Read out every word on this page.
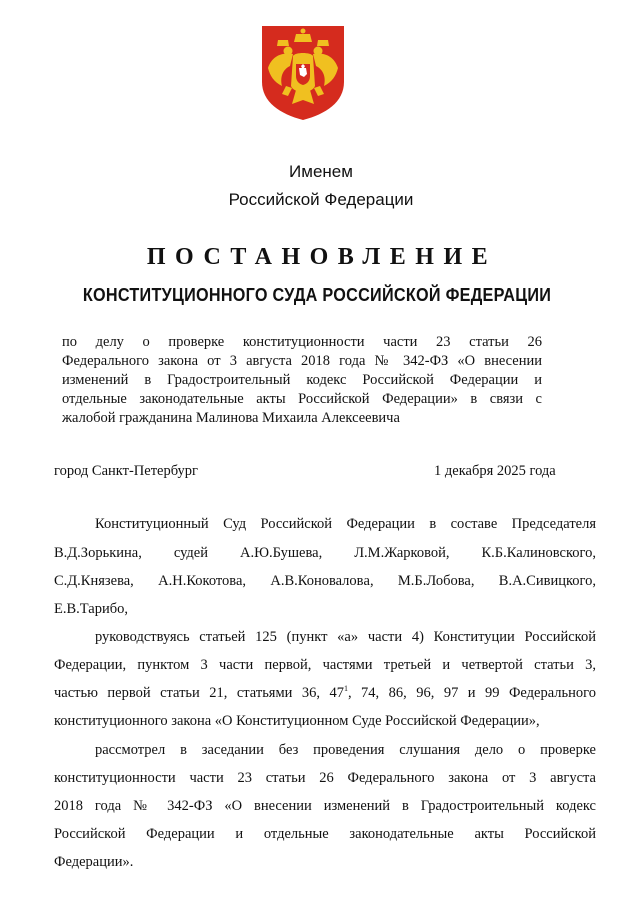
Именем
Российской Федерации
ПОСТАНОВЛЕНИЕ
КОНСТИТУЦИОННОГО СУДА РОССИЙСКОЙ ФЕДЕРАЦИИ
по делу о проверке конституционности части 23 статьи 26
Федерального закона от 3 августа 2018 года № 342-ФЗ «О внесении
изменений в Градостроительный кодекс Российской Федерации и
отдельные законодательные акты Российской Федерации» в связи с
жалобой гражданина Малинова Михаила Алексеевича
город Санкт-Петербург	1 декабря 2025 года
Конституционный Суд Российской Федерации в составе Председателя
В.Д.Зорькина, судей А.Ю.Бушева, Л.М.Жарковой, К.Б.Калиновского,
С.Д.Князева, А.Н.Кокотова, А.В.Коноваловa, М.Б.Лобова, В.А.Сивицкого,
Е.В.Тарибо,
руководствуясь статьей 125 (пункт «а» части 4) Конституции Российской
Федерации, пунктом 3 части первой, частями третьей и четвертой статьи 3,
частью первой статьи 21, статьями 36, $47^1$, 74, 86, 96, 97 и 99 Федерального
конституционного закона «О Конституционном Суде Российской Федерации»,
рассмотрел в заседании без проведения слушания дело о проверке
конституционности части 23 статьи 26 Федерального закона от 3 августа
2018 года № 342-ФЗ «О внесении изменений в Градостроительный кодекс
Российской Федерации и отдельные законодательные акты Российской
Федерации».
